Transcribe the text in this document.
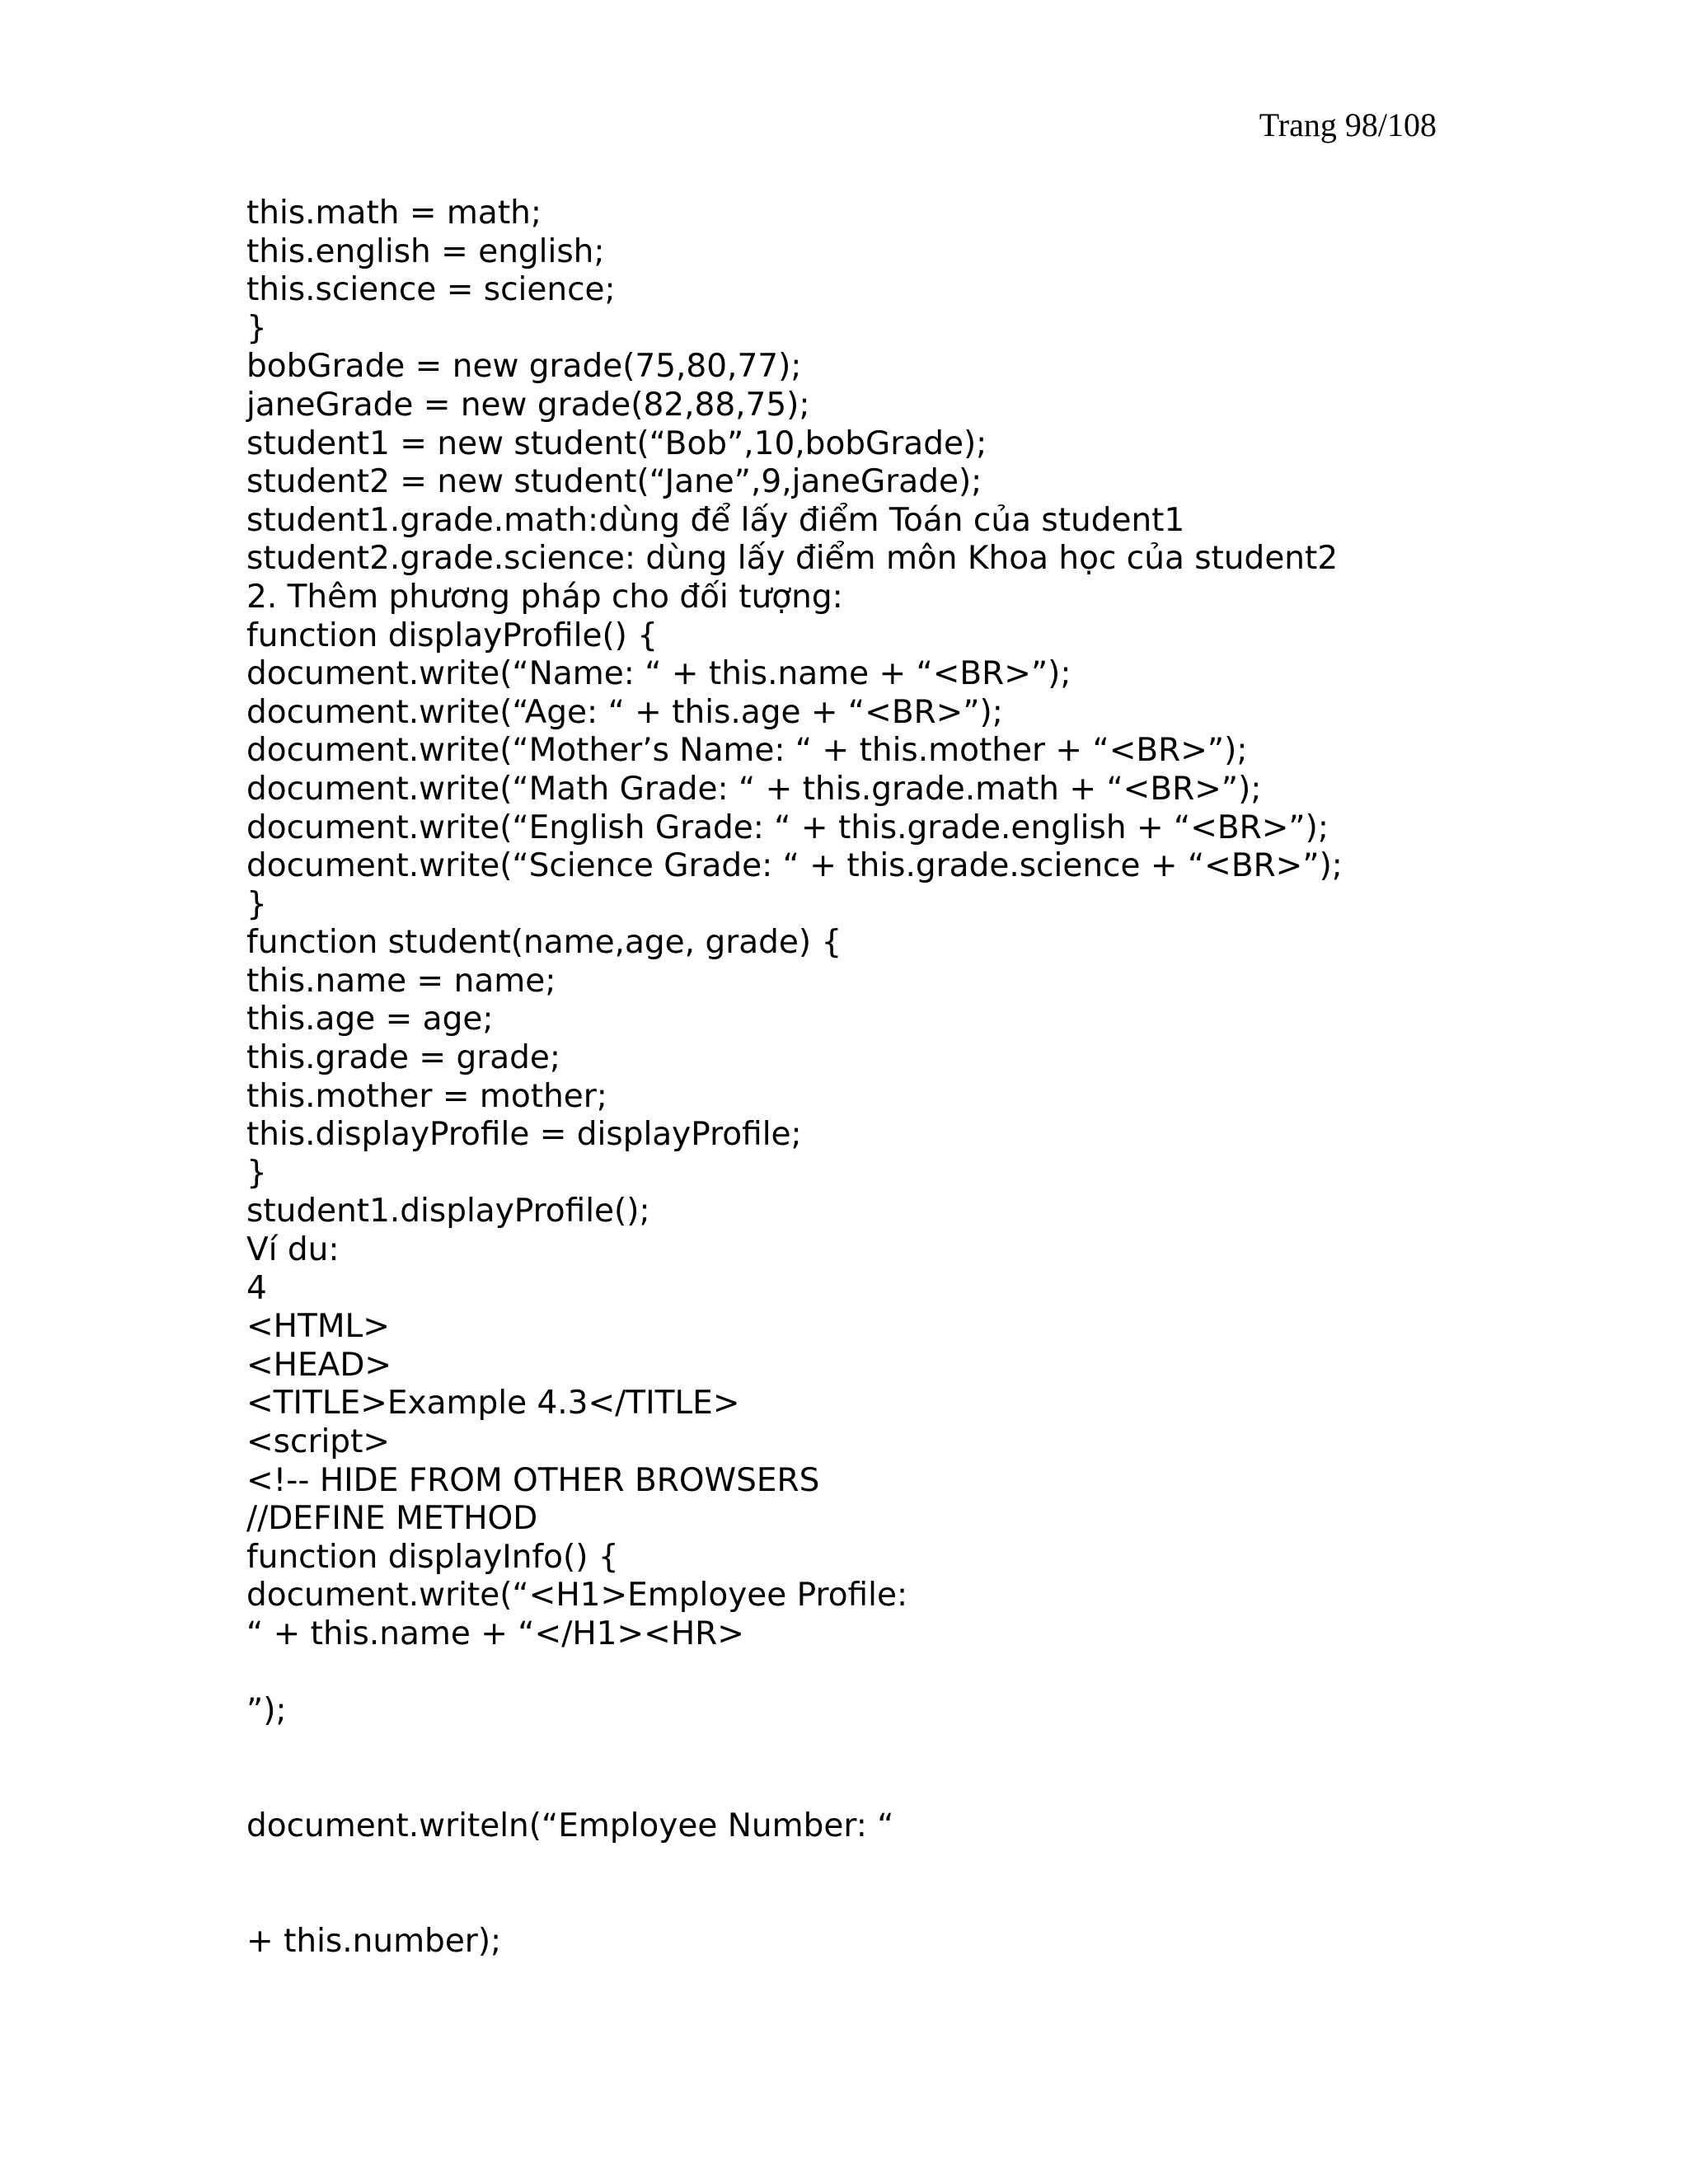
Trang 98/108
this.math = math;
this.english = english;
this.science = science;
}
bobGrade = new grade(75,80,77);
janeGrade = new grade(82,88,75);
student1 = new student(“Bob”,10,bobGrade);
student2 = new student(“Jane”,9,janeGrade);
student1.grade.math:dùng để lấy điểm Toán của student1
student2.grade.science: dùng lấy điểm môn Khoa học của student2
2. Thêm phương pháp cho đối tượng:
function displayProfile() {
document.write(“Name: “ + this.name + “<BR>”);
document.write(“Age: “ + this.age + “<BR>”);
document.write(“Mother’s Name: “ + this.mother + “<BR>”);
document.write(“Math Grade: “ + this.grade.math + “<BR>”);
document.write(“English Grade: “ + this.grade.english + “<BR>”);
document.write(“Science Grade: “ + this.grade.science + “<BR>”);
}
function student(name,age, grade) {
this.name = name;
this.age = age;
this.grade = grade;
this.mother = mother;
this.displayProfile = displayProfile;
}
student1.displayProfile();
Ví du:
4
<HTML>
<HEAD>
<TITLE>Example 4.3</TITLE>
<script>
<!-- HIDE FROM OTHER BROWSERS
//DEFINE METHOD
function displayInfo() {
document.write(“<H1>Employee Profile:
“ + this.name + “</H1><HR>
”);
document.writeln(“Employee Number: “
+ this.number);
